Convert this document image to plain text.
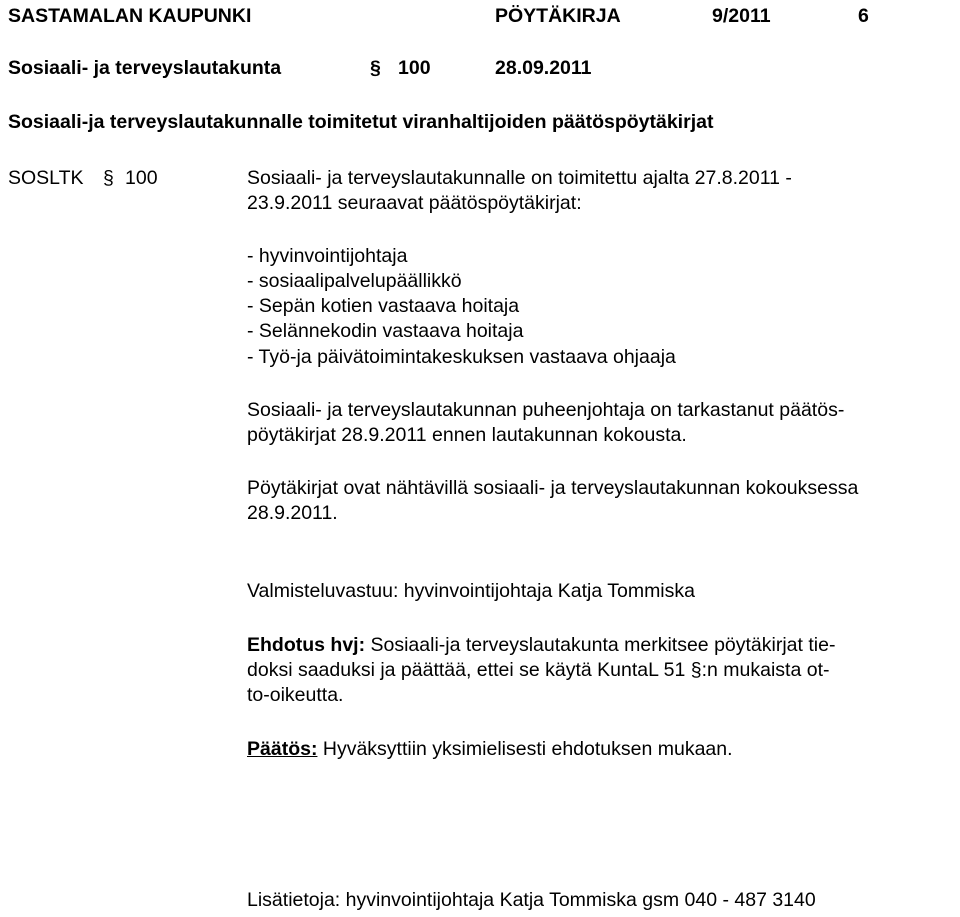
SASTAMALAN KAUPUNKI	PÖYTÄKIRJA	9/2011	6
Sosiaali- ja terveyslautakunta	§ 100	28.09.2011
Sosiaali-ja terveyslautakunnalle toimitetut viranhaltijoiden päätöspöytäkirjat
SOSLTK § 100	Sosiaali- ja terveyslautakunnalle on toimitettu ajalta 27.8.2011 -
23.9.2011 seuraavat päätöspöytäkirjat:
- hyvinvointijohtaja
- sosiaalipalvelupäällikkö
- Sepän kotien vastaava hoitaja
- Selännekodin vastaava hoitaja
- Työ-ja päivätoimintakeskuksen vastaava ohjaaja
Sosiaali- ja terveyslautakunnan puheenjohtaja on tarkastanut päätös-
pöytäkirjat 28.9.2011 ennen lautakunnan kokousta.
Pöytäkirjat ovat nähtävillä sosiaali- ja terveyslautakunnan kokouksessa
28.9.2011.
Valmisteluvastuu: hyvinvointijohtaja Katja Tommiska
Ehdotus hvj: Sosiaali-ja terveyslautakunta merkitsee pöytäkirjat tie-
doksi saaduksi ja päättää, ettei se käytä KuntaL 51 §:n mukaista ot-
to-oikeutta.
Päätös: Hyväksyttiin yksimielisesti ehdotuksen mukaan.
Lisätietoja: hyvinvointijohtaja Katja Tommiska gsm 040 - 487 3140
